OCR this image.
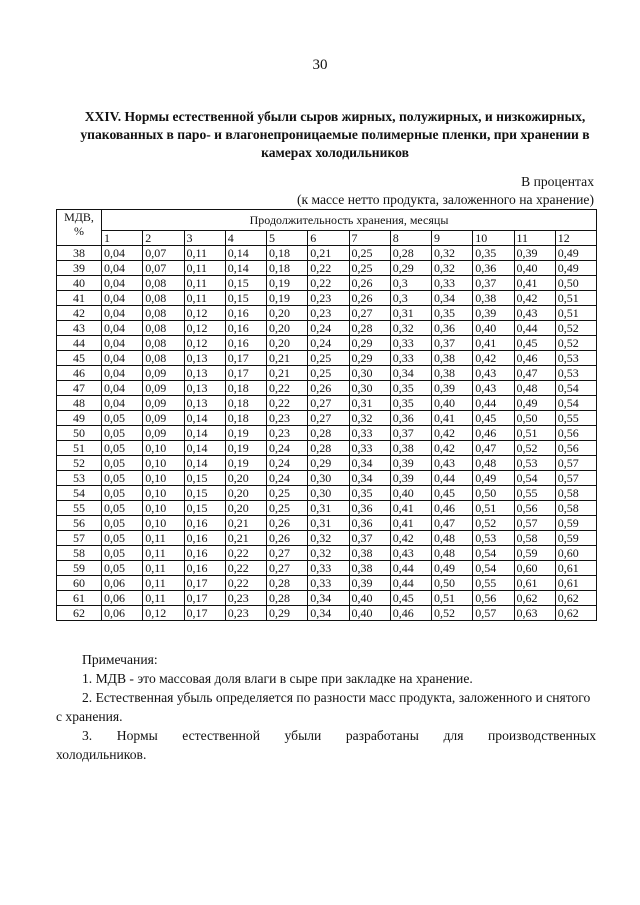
30
XXIV. Нормы естественной убыли сыров жирных, полужирных, и низкожирных, упакованных в паро- и влагонепроницаемые полимерные пленки, при хранении в камерах холодильников
В процентах
(к массе нетто продукта, заложенного на хранение)
МДВ, %	Продолжительность хранения, месяцы											
	1	2	3	4	5	6	7	8	9	10	11	12
38	0,04	0,07	0,11	0,14	0,18	0,21	0,25	0,28	0,32	0,35	0,39	0,49
39	0,04	0,07	0,11	0,14	0,18	0,22	0,25	0,29	0,32	0,36	0,40	0,49
40	0,04	0,08	0,11	0,15	0,19	0,22	0,26	0,3	0,33	0,37	0,41	0,50
41	0,04	0,08	0,11	0,15	0,19	0,23	0,26	0,3	0,34	0,38	0,42	0,51
42	0,04	0,08	0,12	0,16	0,20	0,23	0,27	0,31	0,35	0,39	0,43	0,51
43	0,04	0,08	0,12	0,16	0,20	0,24	0,28	0,32	0,36	0,40	0,44	0,52
44	0,04	0,08	0,12	0,16	0,20	0,24	0,29	0,33	0,37	0,41	0,45	0,52
45	0,04	0,08	0,13	0,17	0,21	0,25	0,29	0,33	0,38	0,42	0,46	0,53
46	0,04	0,09	0,13	0,17	0,21	0,25	0,30	0,34	0,38	0,43	0,47	0,53
47	0,04	0,09	0,13	0,18	0,22	0,26	0,30	0,35	0,39	0,43	0,48	0,54
48	0,04	0,09	0,13	0,18	0,22	0,27	0,31	0,35	0,40	0,44	0,49	0,54
49	0,05	0,09	0,14	0,18	0,23	0,27	0,32	0,36	0,41	0,45	0,50	0,55
50	0,05	0,09	0,14	0,19	0,23	0,28	0,33	0,37	0,42	0,46	0,51	0,56
51	0,05	0,10	0,14	0,19	0,24	0,28	0,33	0,38	0,42	0,47	0,52	0,56
52	0,05	0,10	0,14	0,19	0,24	0,29	0,34	0,39	0,43	0,48	0,53	0,57
53	0,05	0,10	0,15	0,20	0,24	0,30	0,34	0,39	0,44	0,49	0,54	0,57
54	0,05	0,10	0,15	0,20	0,25	0,30	0,35	0,40	0,45	0,50	0,55	0,58
55	0,05	0,10	0,15	0,20	0,25	0,31	0,36	0,41	0,46	0,51	0,56	0,58
56	0,05	0,10	0,16	0,21	0,26	0,31	0,36	0,41	0,47	0,52	0,57	0,59
57	0,05	0,11	0,16	0,21	0,26	0,32	0,37	0,42	0,48	0,53	0,58	0,59
58	0,05	0,11	0,16	0,22	0,27	0,32	0,38	0,43	0,48	0,54	0,59	0,60
59	0,05	0,11	0,16	0,22	0,27	0,33	0,38	0,44	0,49	0,54	0,60	0,61
60	0,06	0,11	0,17	0,22	0,28	0,33	0,39	0,44	0,50	0,55	0,61	0,61
61	0,06	0,11	0,17	0,23	0,28	0,34	0,40	0,45	0,51	0,56	0,62	0,62
62	0,06	0,12	0,17	0,23	0,29	0,34	0,40	0,46	0,52	0,57	0,63	0,62

Примечания:

1. МДВ - это массовая доля влаги в сыре при закладке на хранение.

2. Естественная убыль определяется по разности масс продукта, заложенного и снятого с хранения.

3. Нормы естественной убыли разработаны для производственных

холодильников.
